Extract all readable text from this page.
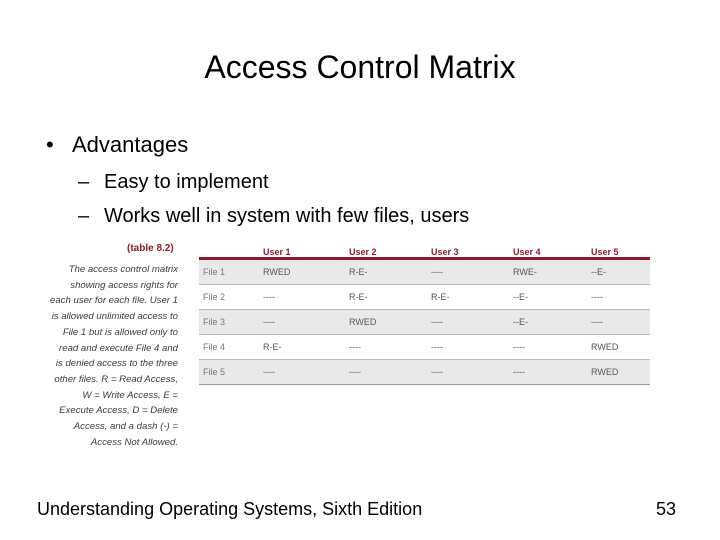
Access Control Matrix
• Advantages
– Easy to implement
– Works well in system with few files, users
(table 8.2)
The access control matrix showing access rights for each user for each file. User 1 is allowed unlimited access to File 1 but is allowed only to read and execute File 4 and is denied access to the three other files. R = Read Access, W = Write Access, E = Execute Access, D = Delete Access, and a dash (-) = Access Not Allowed.
	User 1	User 2	User 3	User 4	User 5
File 1	RWED	R-E-	----	RWE-	--E-
File 2	----	R-E-	R-E-	--E-	----
File 3	----	RWED	----	--E-	----
File 4	R-E-	----	----	----	RWED
File 5	----	----	----	----	RWED
Understanding Operating Systems, Sixth Edition	53
